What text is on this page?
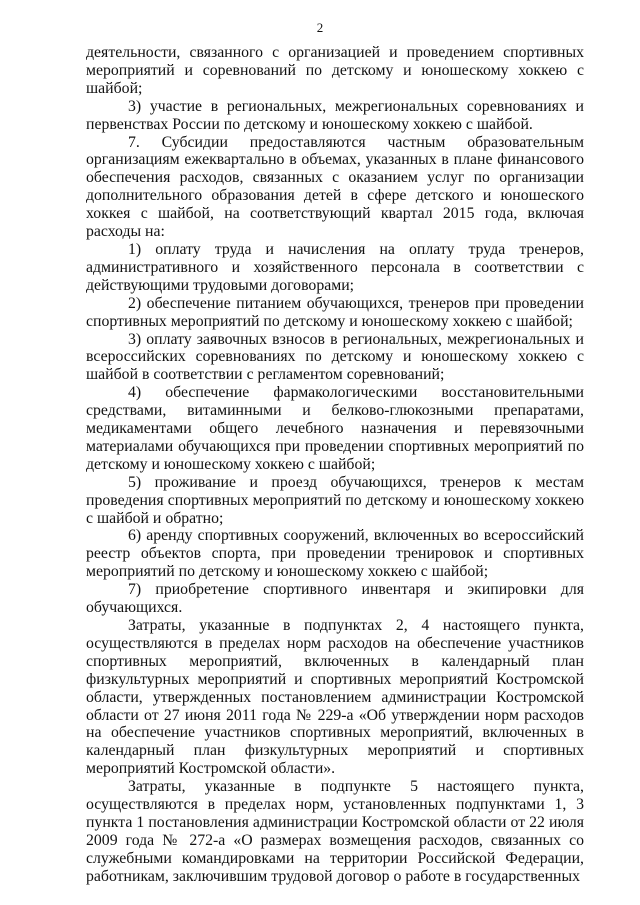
2

деятельности, связанного с организацией и проведением спортивных мероприятий и соревнований по детскому и юношескому хоккею с шайбой;

3) участие в региональных, межрегиональных соревнованиях и первенствах России по детскому и юношескому хоккею с шайбой.

7. Субсидии предоставляются частным образовательным организациям ежеквартально в объемах, указанных в плане финансового обеспечения расходов, связанных с оказанием услуг по организации дополнительного образования детей в сфере детского и юношеского хоккея с шайбой, на соответствующий квартал 2015 года, включая расходы на:

1) оплату труда и начисления на оплату труда тренеров, административного и хозяйственного персонала в соответствии с действующими трудовыми договорами;

2) обеспечение питанием обучающихся, тренеров при проведении спортивных мероприятий по детскому и юношескому хоккею с шайбой;

3) оплату заявочных взносов в региональных, межрегиональных и всероссийских соревнованиях по детскому и юношескому хоккею с шайбой в соответствии с регламентом соревнований;

4) обеспечение фармакологическими восстановительными средствами, витаминными и белково-глюкозными препаратами, медикаментами общего лечебного назначения и перевязочными материалами обучающихся при проведении спортивных мероприятий по детскому и юношескому хоккею с шайбой;

5) проживание и проезд обучающихся, тренеров к местам проведения спортивных мероприятий по детскому и юношескому хоккею с шайбой и обратно;

6) аренду спортивных сооружений, включенных во всероссийский реестр объектов спорта, при проведении тренировок и спортивных мероприятий по детскому и юношескому хоккею с шайбой;

7) приобретение спортивного инвентаря и экипировки для обучающихся.

Затраты, указанные в подпунктах 2, 4 настоящего пункта, осуществляются в пределах норм расходов на обеспечение участников спортивных мероприятий, включенных в календарный план физкультурных мероприятий и спортивных мероприятий Костромской области, утвержденных постановлением администрации Костромской области от 27 июня 2011 года № 229-а «Об утверждении норм расходов на обеспечение участников спортивных мероприятий, включенных в календарный план физкультурных мероприятий и спортивных мероприятий Костромской области».

Затраты, указанные в подпункте 5 настоящего пункта, осуществляются в пределах норм, установленных подпунктами 1, 3 пункта 1 постановления администрации Костромской области от 22 июля 2009 года № 272-а «О размерах возмещения расходов, связанных со служебными командировками на территории Российской Федерации, работникам, заключившим трудовой договор о работе в государственных
